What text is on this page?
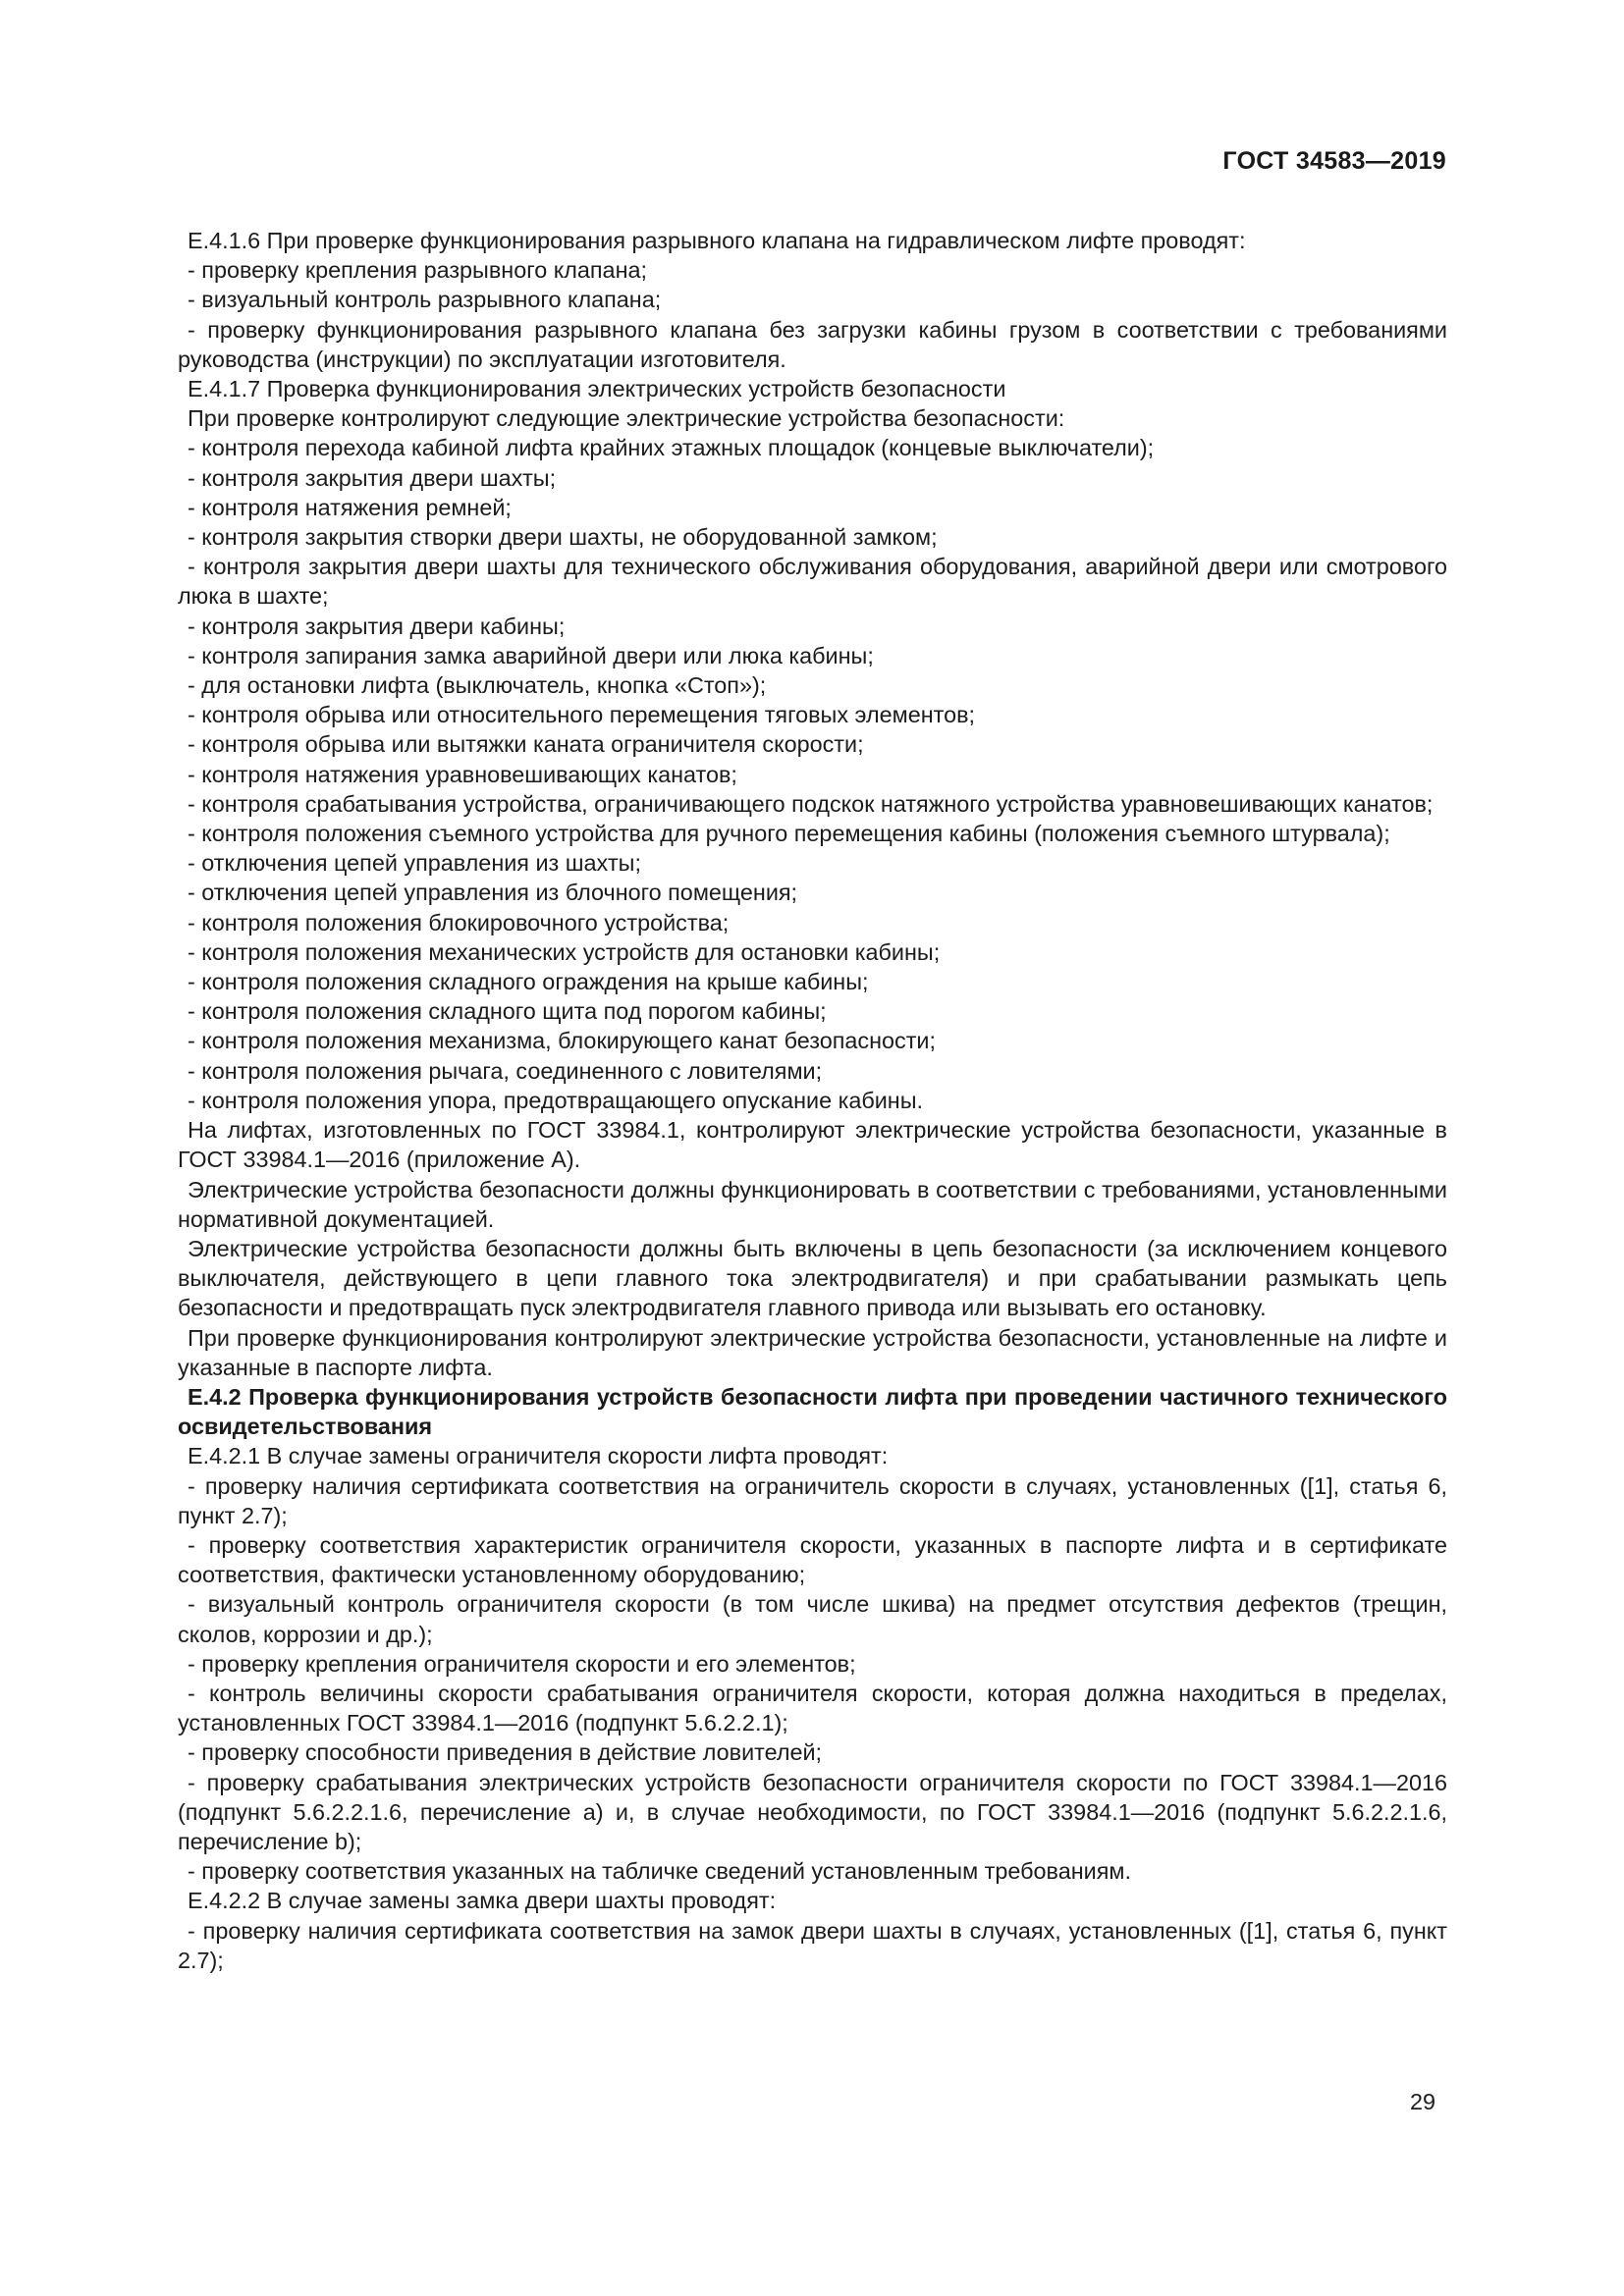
ГОСТ 34583—2019

Е.4.1.6 При проверке функционирования разрывного клапана на гидравлическом лифте проводят:

- проверку крепления разрывного клапана;

- визуальный контроль разрывного клапана;

- проверку функционирования разрывного клапана без загрузки кабины грузом в соответствии с требованиями руководства (инструкции) по эксплуатации изготовителя.

Е.4.1.7 Проверка функционирования электрических устройств безопасности

При проверке контролируют следующие электрические устройства безопасности:

- контроля перехода кабиной лифта крайних этажных площадок (концевые выключатели);

- контроля закрытия двери шахты;

- контроля натяжения ремней;

- контроля закрытия створки двери шахты, не оборудованной замком;

- контроля закрытия двери шахты для технического обслуживания оборудования, аварийной двери или смотрового люка в шахте;

- контроля закрытия двери кабины;

- контроля запирания замка аварийной двери или люка кабины;

- для остановки лифта (выключатель, кнопка «Стоп»);

- контроля обрыва или относительного перемещения тяговых элементов;

- контроля обрыва или вытяжки каната ограничителя скорости;

- контроля натяжения уравновешивающих канатов;

- контроля срабатывания устройства, ограничивающего подскок натяжного устройства уравновешивающих канатов;

- контроля положения съемного устройства для ручного перемещения кабины (положения съемного штурвала);

- отключения цепей управления из шахты;

- отключения цепей управления из блочного помещения;

- контроля положения блокировочного устройства;

- контроля положения механических устройств для остановки кабины;

- контроля положения складного ограждения на крыше кабины;

- контроля положения складного щита под порогом кабины;

- контроля положения механизма, блокирующего канат безопасности;

- контроля положения рычага, соединенного с ловителями;

- контроля положения упора, предотвращающего опускание кабины.

На лифтах, изготовленных по ГОСТ 33984.1, контролируют электрические устройства безопасности, указанные в ГОСТ 33984.1—2016 (приложение А).

Электрические устройства безопасности должны функционировать в соответствии с требованиями, установленными нормативной документацией.

Электрические устройства безопасности должны быть включены в цепь безопасности (за исключением концевого выключателя, действующего в цепи главного тока электродвигателя) и при срабатывании размыкать цепь безопасности и предотвращать пуск электродвигателя главного привода или вызывать его остановку.

При проверке функционирования контролируют электрические устройства безопасности, установленные на лифте и указанные в паспорте лифта.

Е.4.2 Проверка функционирования устройств безопасности лифта при проведении частичного технического освидетельствования

Е.4.2.1 В случае замены ограничителя скорости лифта проводят:

- проверку наличия сертификата соответствия на ограничитель скорости в случаях, установленных ([1], статья 6, пункт 2.7);

- проверку соответствия характеристик ограничителя скорости, указанных в паспорте лифта и в сертификате соответствия, фактически установленному оборудованию;

- визуальный контроль ограничителя скорости (в том числе шкива) на предмет отсутствия дефектов (трещин, сколов, коррозии и др.);

- проверку крепления ограничителя скорости и его элементов;

- контроль величины скорости срабатывания ограничителя скорости, которая должна находиться в пределах, установленных ГОСТ 33984.1—2016 (подпункт 5.6.2.2.1);

- проверку способности приведения в действие ловителей;

- проверку срабатывания электрических устройств безопасности ограничителя скорости по ГОСТ 33984.1—2016 (подпункт 5.6.2.2.1.6, перечисление а) и, в случае необходимости, по ГОСТ 33984.1—2016 (подпункт 5.6.2.2.1.6, перечисление b);

- проверку соответствия указанных на табличке сведений установленным требованиям.

Е.4.2.2 В случае замены замка двери шахты проводят:

- проверку наличия сертификата соответствия на замок двери шахты в случаях, установленных ([1], статья 6, пункт 2.7);

29
